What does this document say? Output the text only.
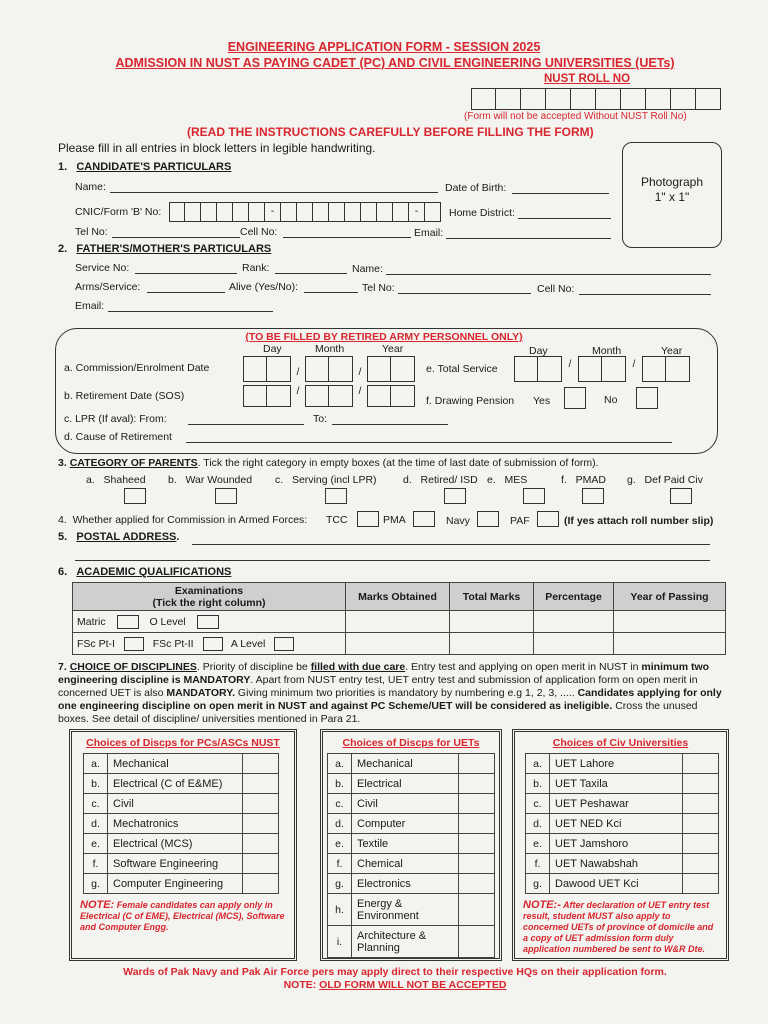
ENGINEERING APPLICATION FORM - SESSION 2025
ADMISSION IN NUST AS PAYING CADET (PC) AND CIVIL ENGINEERING UNIVERSITIES (UETs)
NUST ROLL NO
(Form will not be accepted Without NUST Roll No)
(READ THE INSTRUCTIONS CAREFULLY BEFORE FILLING THE FORM)
Please fill in all entries in block letters in legible handwriting.
Photograph
1" x 1"
1. CANDIDATE'S PARTICULARS
Name:	Date of Birth:
CNIC/Form 'B' No:	-	-	Home District:
Tel No:	Cell No:	Email:
2. FATHER'S/MOTHER'S PARTICULARS
Service No:	Rank:	Name:
Arms/Service:	Alive (Yes/No):	Tel No:	Cell No:
Email:
(TO BE FILLED BY RETIRED ARMY PERSONNEL ONLY)
Day	Month	Year	Day	Month	Year
a. Commission/Enrolment Date	/	/	e. Total Service	/	/
b. Retirement Date (SOS)	/	/
f. Drawing Pension Yes	No
c. LPR (If aval): From:	To:
d. Cause of Retirement
3. CATEGORY OF PARENTS. Tick the right category in empty boxes (at the time of last date of submission of form).
a. Shaheed b. War Wounded c. Serving (incl LPR)	d. Retired/ ISD e. MES	f. PMAD g. Def Paid Civ
4. Whether applied for Commission in Armed Forces: TCC	PMA	Navy	PAF	(If yes attach roll number slip)
5. POSTAL ADDRESS.
6. ACADEMIC QUALIFICATIONS
Examinations
(Tick the right column)	Marks Obtained	Total Marks	Percentage	Year of Passing
Matric O Level				
FSc Pt-I FSc Pt-II A Level				
7. CHOICE OF DISCIPLINES. Priority of discipline be filled with due care. Entry test and applying on open merit in NUST in minimum two engineering discipline is MANDATORY. Apart from NUST entry test, UET entry test and submission of application form on open merit in concerned UET is also MANDATORY. Giving minimum two priorities is mandatory by numbering e.g 1, 2, 3, ..... Candidates applying for only one engineering discipline on open merit in NUST and against PC Scheme/UET will be considered as ineligible. Cross the unused boxes. See detail of discipline/ universities mentioned in Para 21.
Choices of Discps for PCs/ASCs NUST
a.	Mechanical	
b.	Electrical (C of E&ME)	
c.	Civil	
d.	Mechatronics	
e.	Electrical (MCS)	
f.	Software Engineering	
g.	Computer Engineering	
NOTE: Female candidates can apply only in Electrical (C of EME), Electrical (MCS), Software and Computer Engg.
Choices of Discps for UETs
a.	Mechanical	
b.	Electrical	
c.	Civil	
d.	Computer	
e.	Textile	
f.	Chemical	
g.	Electronics	
h.	Energy & Environment	
i.	Architecture & Planning	
Choices of Civ Universities
a.	UET Lahore	
b.	UET Taxila	
c.	UET Peshawar	
d.	UET NED Kci	
e.	UET Jamshoro	
f.	UET Nawabshah	
g.	Dawood UET Kci	
NOTE:- After declaration of UET entry test result, student MUST also apply to concerned UETs of province of domicile and a copy of UET admission form duly application numbered be sent to W&R Dte.
Wards of Pak Navy and Pak Air Force pers may apply direct to their respective HQs on their application form.
NOTE: OLD FORM WILL NOT BE ACCEPTED
